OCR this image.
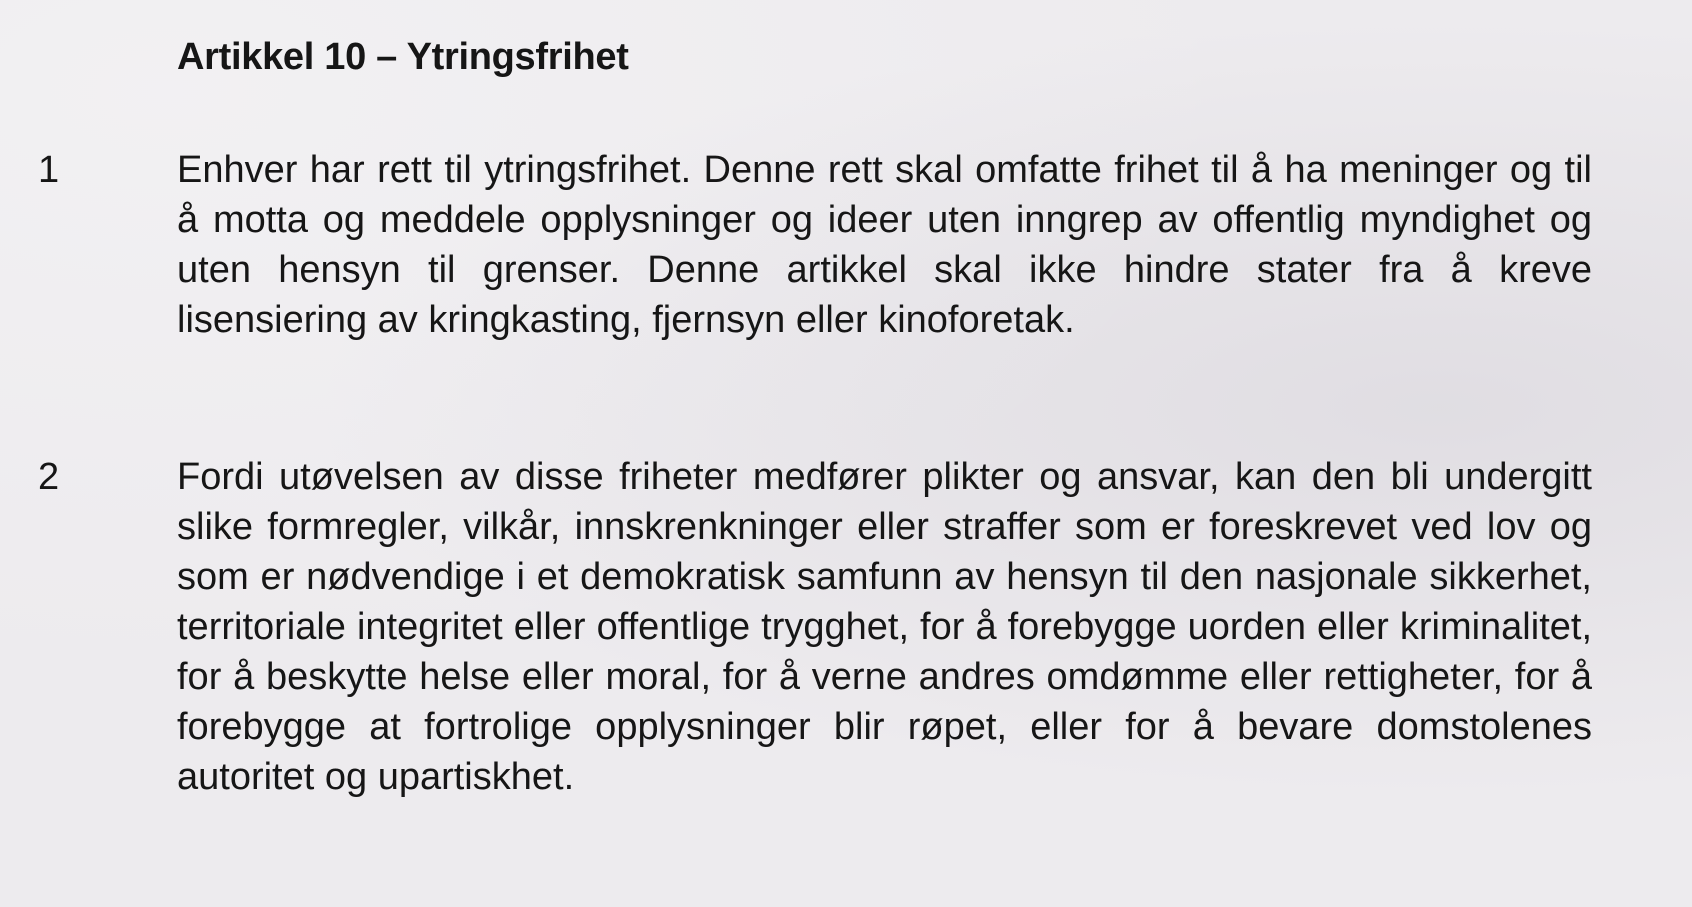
Artikkel 10 – Ytringsfrihet
1	Enhver har rett til ytringsfrihet. Denne rett skal omfatte frihet til å ha meninger og til å motta og meddele opplysninger og ideer uten inngrep av offentlig myndighet og uten hensyn til grenser. Denne artikkel skal ikke hindre stater fra å kreve lisensiering av kringkasting, fjernsyn eller kinoforetak.

2	Fordi utøvelsen av disse friheter medfører plikter og ansvar, kan den bli undergitt slike formregler, vilkår, innskrenkninger eller straffer som er foreskrevet ved lov og som er nødvendige i et demokratisk samfunn av hensyn til den nasjonale sikkerhet, territoriale integritet eller offentlige trygghet, for å forebygge uorden eller kriminalitet, for å beskytte helse eller moral, for å verne andres omdømme eller rettigheter, for å forebygge at fortrolige opplysninger blir røpet, eller for å bevare domstolenes autoritet og upartiskhet.
